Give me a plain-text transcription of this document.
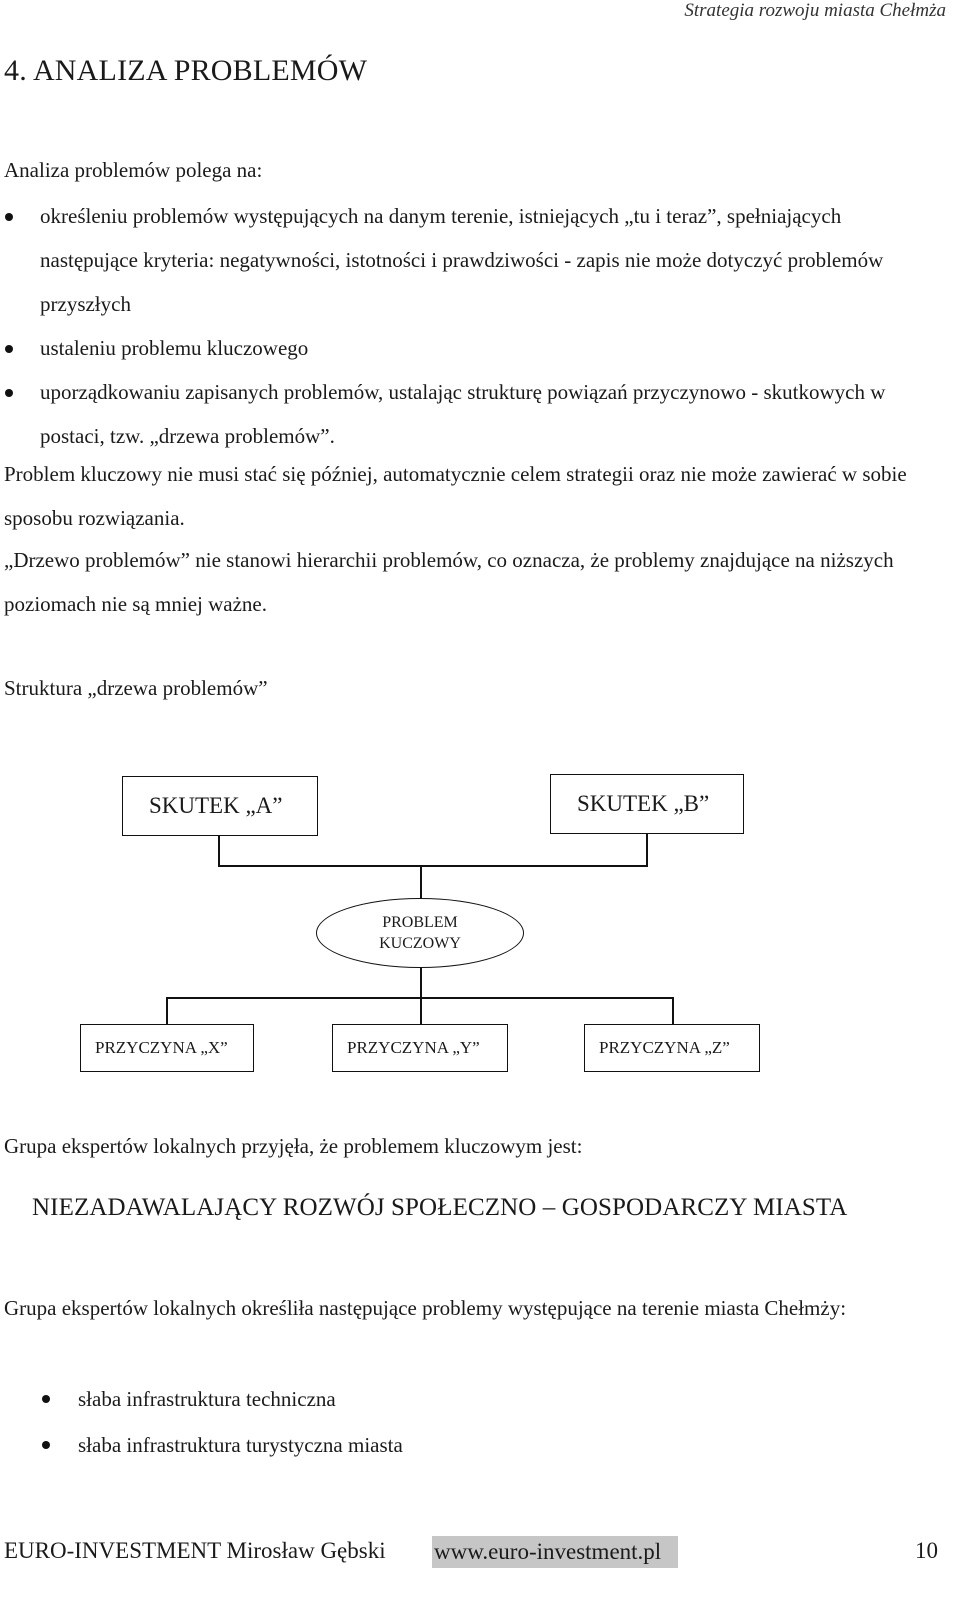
Strategia rozwoju miasta Chełmża
4. ANALIZA PROBLEMÓW
Analiza problemów polega na:
określeniu problemów występujących na danym terenie, istniejących „tu i teraz”, spełniających następujące kryteria: negatywności, istotności i prawdziwości - zapis nie może dotyczyć problemów przyszłych
ustaleniu problemu kluczowego
uporządkowaniu zapisanych problemów, ustalając strukturę powiązań przyczynowo - skutkowych w postaci, tzw. „drzewa problemów”.
Problem kluczowy nie musi stać się później, automatycznie celem strategii oraz nie może zawierać w sobie sposobu rozwiązania.
„Drzewo problemów” nie stanowi hierarchii problemów, co oznacza, że problemy znajdujące na niższych poziomach nie są mniej ważne.
Struktura „drzewa problemów”
SKUTEK „A”	SKUTEK „B”
PROBLEM
KUCZOWY
PRZYCZYNA „X”	PRZYCZYNA „Y”	PRZYCZYNA „Z”
Grupa ekspertów lokalnych przyjęła, że problemem kluczowym jest:
NIEZADAWALAJĄCY ROZWÓJ SPOŁECZNO – GOSPODARCZY MIASTA
Grupa ekspertów lokalnych określiła następujące problemy występujące na terenie miasta Chełmży:
słaba infrastruktura techniczna
słaba infrastruktura turystyczna miasta
EURO-INVESTMENT Mirosław Gębski www.euro-investment.pl	10
